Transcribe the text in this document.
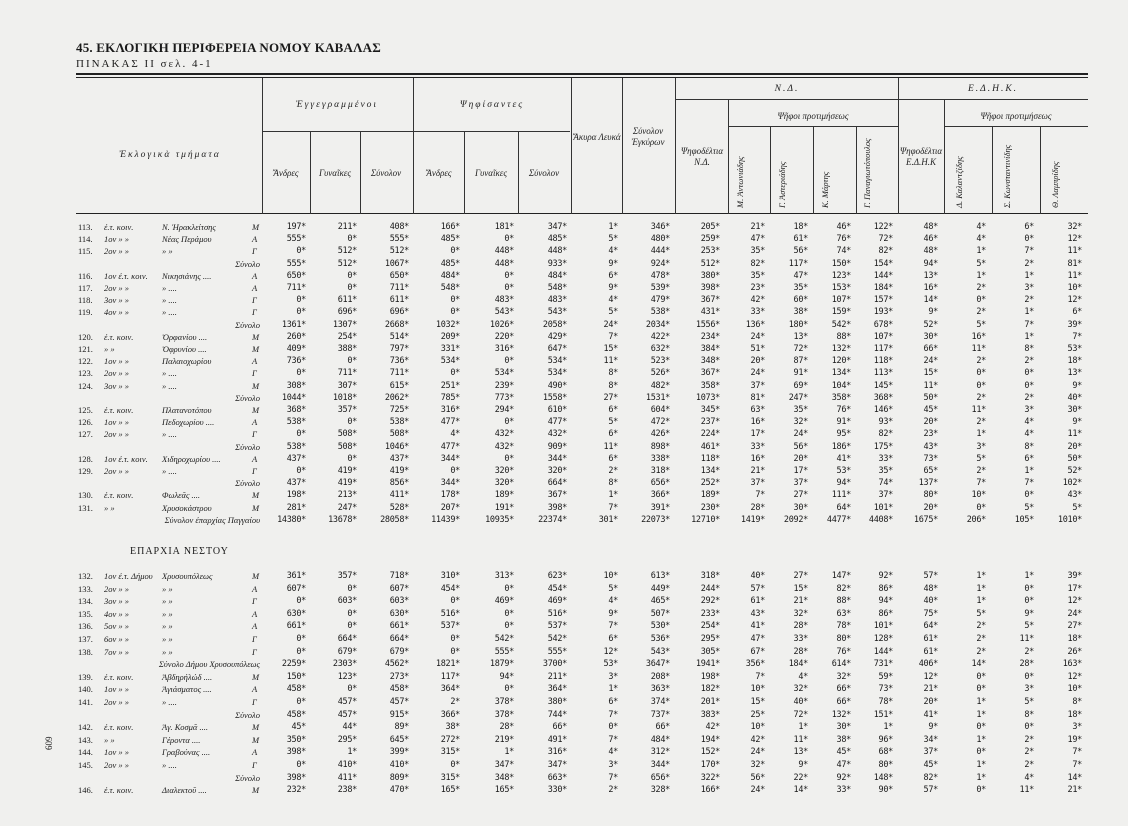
45. ΕΚΛΟΓΙΚΗ ΠΕΡΙΦΕΡΕΙΑ ΝΟΜΟΥ ΚΑΒΑΛΑΣ
ΠΙΝΑΚΑΣ II σελ. 4-1
Ἐκλογικὰ τμήματα
Ἐγγεγραμμένοι	Ψηφίσαντες
Ἄνδρες	Γυναῖκες	Σύνολον	Ἄνδρες	Γυναῖκες	Σύνολον
Ἄκυρα Λευκά
Σύνολον Ἐγκύρων
Ν.Δ.	Ε.Δ.Η.Κ.
Ψῆφοι προτιμήσεως	Ψῆφοι προτιμήσεως
Ψηφοδέλτια Ν.Δ.
Ψηφοδέλτια Ε.Δ.Η.Κ
Μ. Ἀντωνιάδης	Γ. Ἀστεριάδης	Κ. Μάρτης	Γ. Παναγιωτόπουλος	Δ. Καλαντζίδης	Σ. Κωνσταντινίδης	Θ. Λαμπρίδης
113. ἐ.τ. κοιν.	Ν. Ἡρακλείτσης	Μ	197*	211*	408*	166*	181*	347*	1*	346*	205*	21*	18*	46*	122*	48*	4*	6*	32*
114. 1ον » »	Νέας Περάμου	Α	555*	0*	555*	485*	0*	485*	5*	480*	259*	47*	61*	76*	72*	46*	4*	0*	12*
115. 2ον » »	» »	Γ	0*	512*	512*	0*	448*	448*	4*	444*	253*	35*	56*	74*	82*	48*	1*	7*	11*
Σύνολο	555*	512*	1067*	485*	448*	933*	9*	924*	512*	82*	117*	150*	154*	94*	5*	2*	81*
116. 1ον ἐ.τ. κοιν. Νικησιάνης ....	Α	650*	0*	650*	484*	0*	484*	6*	478*	380*	35*	47*	123*	144*	13*	1*	1*	11*
117. 2ον » »	» ....	Α	711*	0*	711*	548*	0*	548*	9*	539*	398*	23*	35*	153*	184*	16*	2*	3*	10*
118. 3ον » »	» ....	Γ	0*	611*	611*	0*	483*	483*	4*	479*	367*	42*	60*	107*	157*	14*	0*	2*	12*
119. 4ον » »	» ....	Γ	0*	696*	696*	0*	543*	543*	5*	538*	431*	33*	38*	159*	193*	9*	2*	1*	6*
Σύνολο	1361*	1307*	2668*	1032*	1026*	2058*	24*	2034*	1556*	136*	180*	542*	678*	52*	5*	7*	39*
120. ἐ.τ. κοιν.	Ὀρφανίου ....	Μ	260*	254*	514*	209*	220*	429*	7*	422*	234*	24*	13*	88*	107*	30*	16*	1*	7*
121. » »	Ὀφρυνίου ....	Μ	409*	388*	797*	331*	316*	647*	15*	632*	384*	51*	72*	132*	117*	66*	11*	8*	53*
122. 1ον » »	Παλαιοχωρίου	Α	736*	0*	736*	534*	0*	534*	11*	523*	348*	20*	87*	120*	118*	24*	2*	2*	18*
123. 2ον » »	» ....	Γ	0*	711*	711*	0*	534*	534*	8*	526*	367*	24*	91*	134*	113*	15*	0*	0*	13*
124. 3ον » »	» ....	Μ	308*	307*	615*	251*	239*	490*	8*	482*	358*	37*	69*	104*	145*	11*	0*	0*	9*
Σύνολο	1044*	1018*	2062*	785*	773*	1558*	27*	1531*	1073*	81*	247*	358*	368*	50*	2*	2*	40*
125. ἐ.τ. κοιν.	Πλατανοτόπου	Μ	368*	357*	725*	316*	294*	610*	6*	604*	345*	63*	35*	76*	146*	45*	11*	3*	30*
126. 1ον » »	Πεδοχωρίου ....	Α	538*	0*	538*	477*	0*	477*	5*	472*	237*	16*	32*	91*	93*	20*	2*	4*	9*
127. 2ον » »	» ....	Γ	0*	508*	508*	4*	432*	432*	6*	426*	224*	17*	24*	95*	82*	23*	1*	4*	11*
Σύνολο	538*	508*	1046*	477*	432*	909*	11*	898*	461*	33*	56*	186*	175*	43*	3*	8*	20*
128. 1ον ἐ.τ. κοιν. Χιδηροχωρίου ....	Α	437*	0*	437*	344*	0*	344*	6*	338*	118*	16*	20*	41*	33*	73*	5*	6*	50*
129. 2ον » »	» ....	Γ	0*	419*	419*	0*	320*	320*	2*	318*	134*	21*	17*	53*	35*	65*	2*	1*	52*
Σύνολο	437*	419*	856*	344*	320*	664*	8*	656*	252*	37*	37*	94*	74*	137*	7*	7*	102*
130. ἐ.τ. κοιν.	Φωλεᾶς ....	Μ	198*	213*	411*	178*	189*	367*	1*	366*	189*	7*	27*	111*	37*	80*	10*	0*	43*
131. » »	Χρυσοκάστρου	Μ	281*	247*	528*	207*	191*	398*	7*	391*	230*	28*	30*	64*	101*	20*	0*	5*	5*
Σύνολον ἐπαρχίας Παγγαίου	14380*	13678*	28058*	11439*	10935*	22374*	301*	22073*	12710*	1419*	2092*	4477*	4408*	1675*	206*	105*	1010*
ΕΠΑΡΧΙΑ ΝΕΣΤΟΥ
132. 1ον ἐ.τ. Δήμου Χρυσουπόλεως	Μ	361*	357*	718*	310*	313*	623*	10*	613*	318*	40*	27*	147*	92*	57*	1*	1*	39*
133. 2ον » »	» »	Α	607*	0*	607*	454*	0*	454*	5*	449*	244*	57*	15*	82*	86*	48*	1*	0*	17*
134. 3ον » »	» »	Γ	0*	603*	603*	0*	469*	469*	4*	465*	292*	61*	21*	88*	94*	40*	1*	0*	12*
135. 4ον » »	» »	Α	630*	0*	630*	516*	0*	516*	9*	507*	233*	43*	32*	63*	86*	75*	5*	9*	24*
136. 5ον » »	» »	Α	661*	0*	661*	537*	0*	537*	7*	530*	254*	41*	28*	78*	101*	64*	2*	5*	27*
137. 6ον » »	» »	Γ	0*	664*	664*	0*	542*	542*	6*	536*	295*	47*	33*	80*	128*	61*	2*	11*	18*
138. 7ον » »	» »	Γ	0*	679*	679*	0*	555*	555*	12*	543*	305*	67*	28*	76*	144*	61*	2*	2*	26*
Σύνολο Δήμου Χρυσουπόλεως	2259*	2303*	4562*	1821*	1879*	3700*	53*	3647*	1941*	356*	184*	614*	731*	406*	14*	28*	163*
139. ἐ.τ. κοιν.	Ἀβδηρήλώδ ....	Μ	150*	123*	273*	117*	94*	211*	3*	208*	198*	7*	4*	32*	59*	12*	0*	0*	12*
140. 1ον » »	Ἁγιάσματος ....	Α	458*	0*	458*	364*	0*	364*	1*	363*	182*	10*	32*	66*	73*	21*	0*	3*	10*
141. 2ον » »	» ....	Γ	0*	457*	457*	2*	378*	380*	6*	374*	201*	15*	40*	66*	78*	20*	1*	5*	8*
Σύνολο	458*	457*	915*	366*	378*	744*	7*	737*	383*	25*	72*	132*	151*	41*	1*	8*	18*
142. ἐ.τ. κοιν.	Ἁγ. Κοσμᾶ ....	Μ	45*	44*	89*	38*	28*	66*	0*	66*	42*	10*	1*	30*	1*	9*	0*	0*	3*
143. » »	Γέροντα ....	Μ	350*	295*	645*	272*	219*	491*	7*	484*	194*	42*	11*	38*	96*	34*	1*	2*	19*
144. 1ον » »	Γραβούνας ....	Α	398*	1*	399*	315*	1*	316*	4*	312*	152*	24*	13*	45*	68*	37*	0*	2*	7*
145. 2ον » »	» ....	Γ	0*	410*	410*	0*	347*	347*	3*	344*	170*	32*	9*	47*	80*	45*	1*	2*	7*
Σύνολο	398*	411*	809*	315*	348*	663*	7*	656*	322*	56*	22*	92*	148*	82*	1*	4*	14*
146. ἐ.τ. κοιν.	Διαλεκτοῦ ....	Μ	232*	238*	470*	165*	165*	330*	2*	328*	166*	24*	14*	33*	90*	57*	0*	11*	21*
609
